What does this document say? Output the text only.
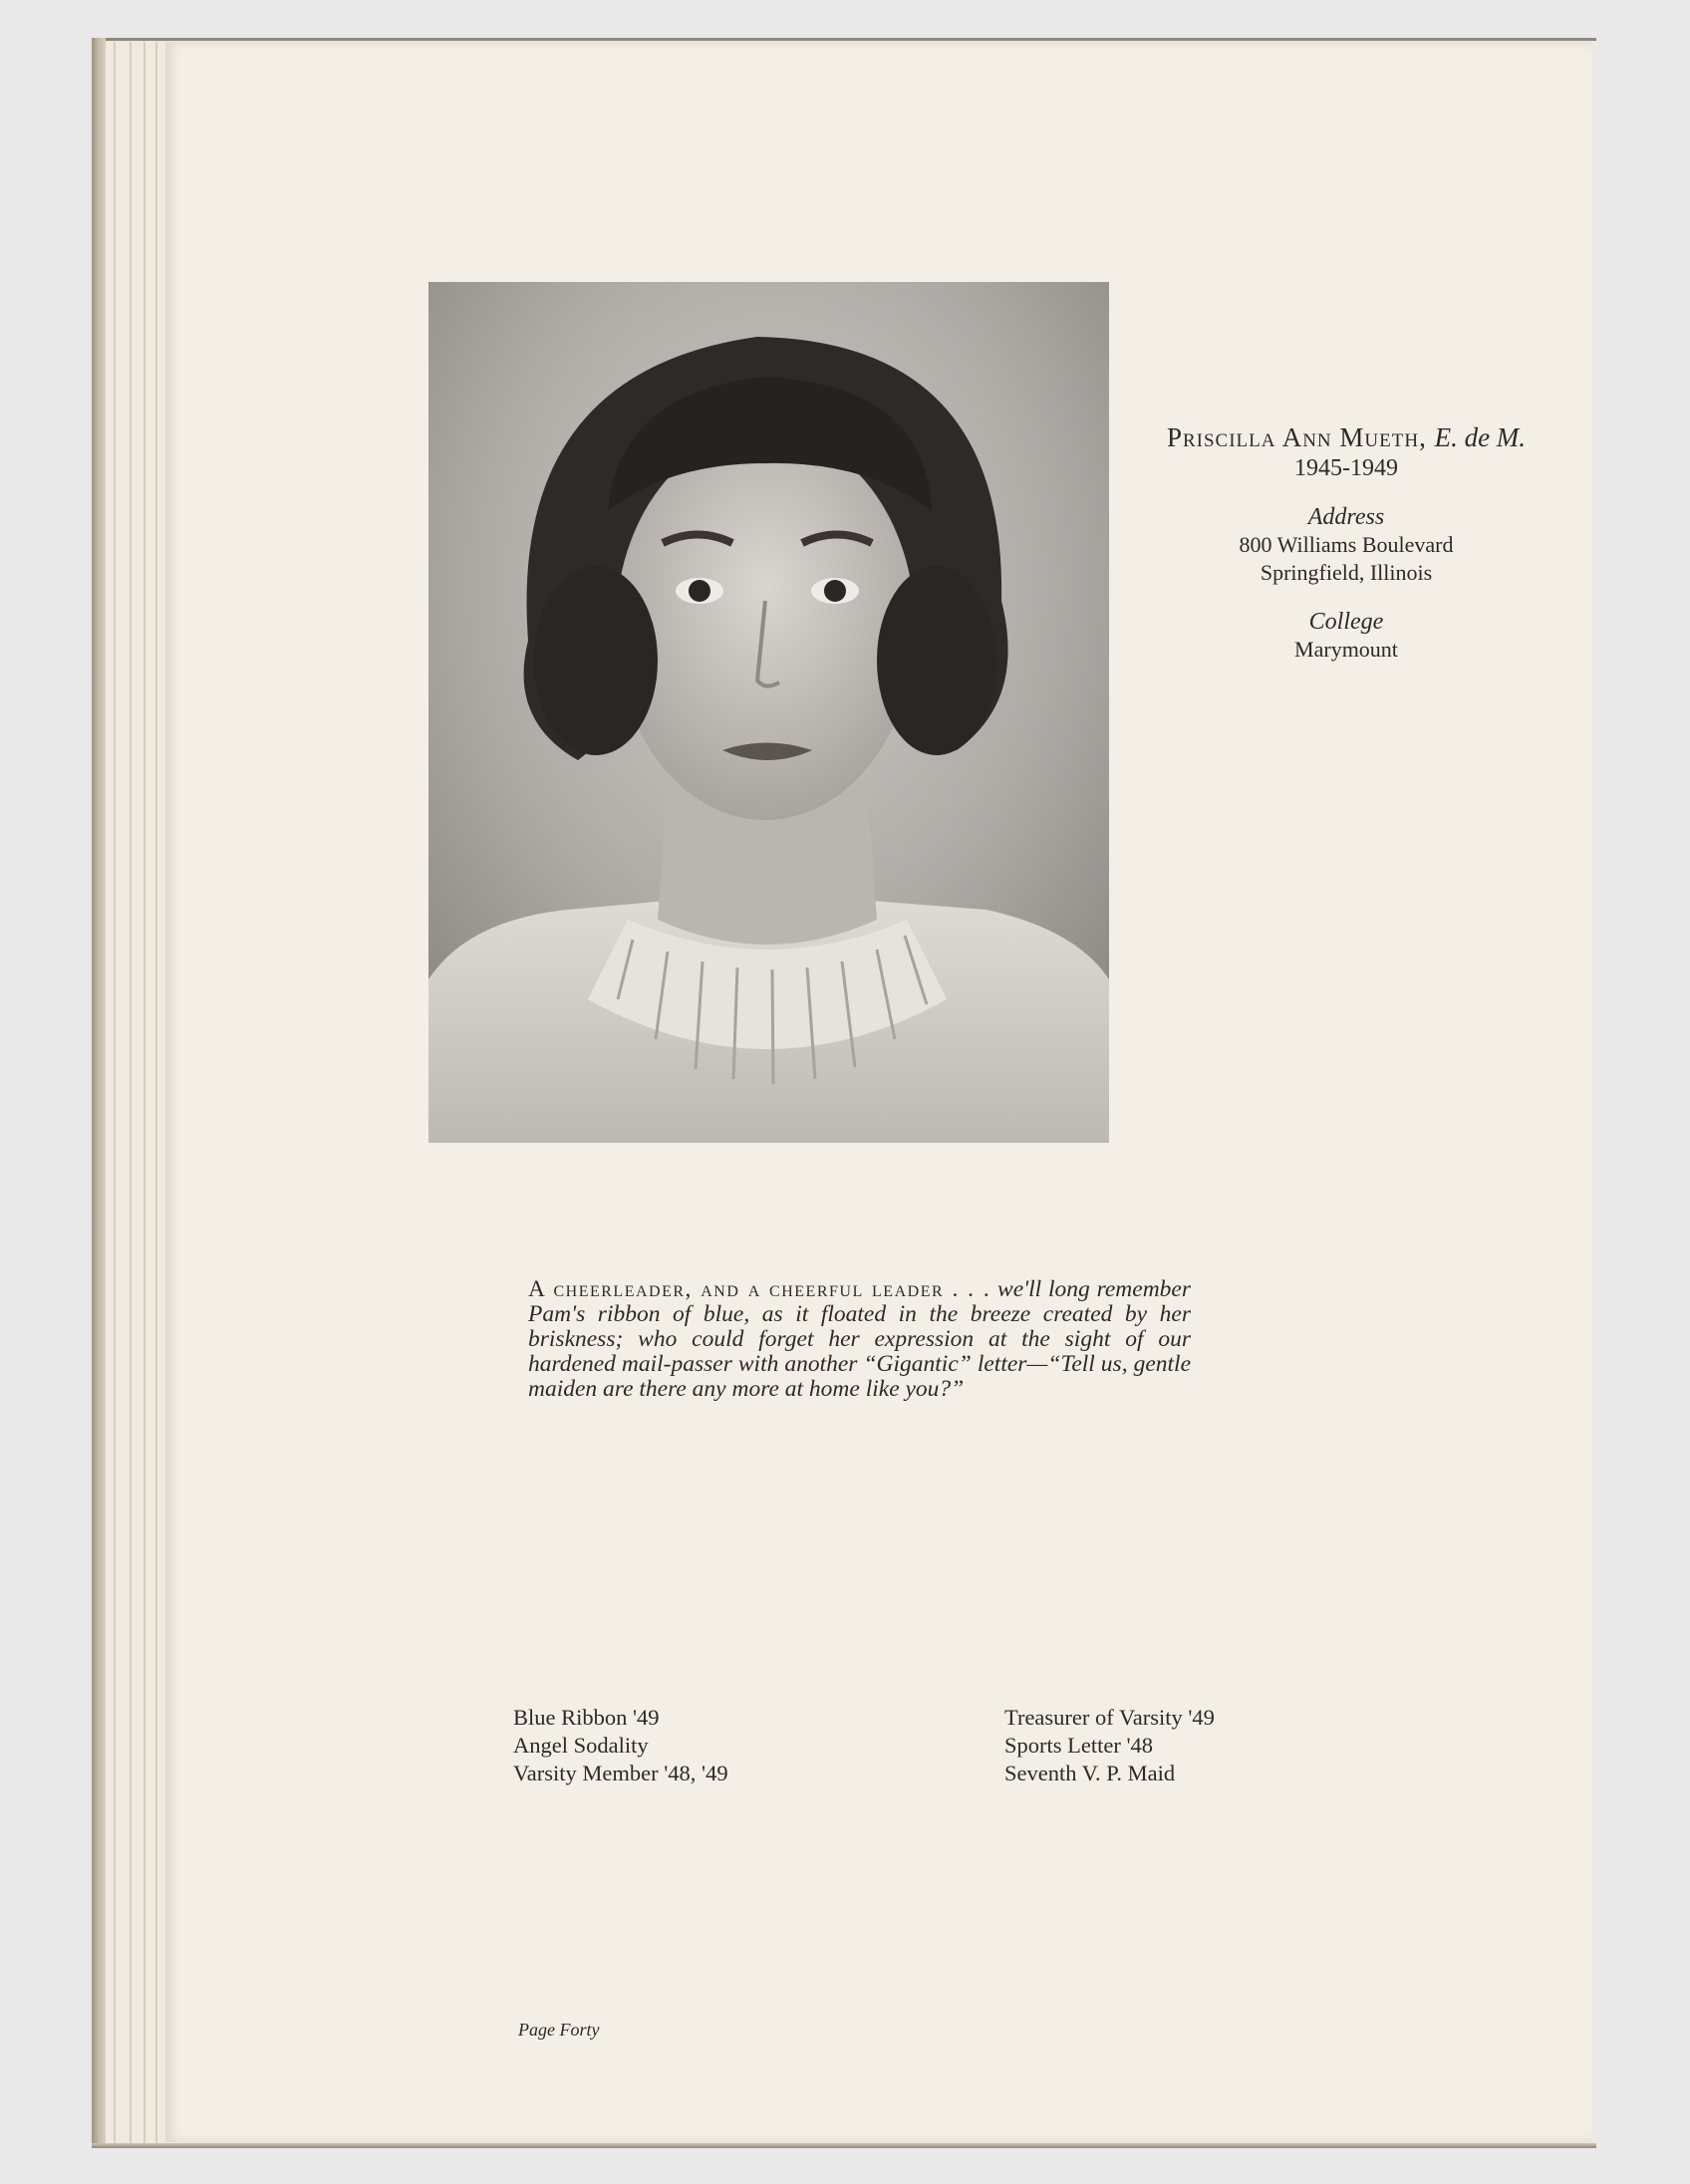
Priscilla Ann Mueth, E. de M.
1945-1949
Address
800 Williams Boulevard
Springfield, Illinois
College
Marymount
A cheerleader, and a cheerful leader . . . we'll long remember Pam's ribbon of blue, as it floated in the breeze created by her briskness; who could forget her expression at the sight of our hardened mail-passer with another “Gigantic” letter—“Tell us, gentle maiden are there any more at home like you?”
Blue Ribbon '49
Angel Sodality
Varsity Member '48, '49
Treasurer of Varsity '49
Sports Letter '48
Seventh V. P. Maid
Page Forty
